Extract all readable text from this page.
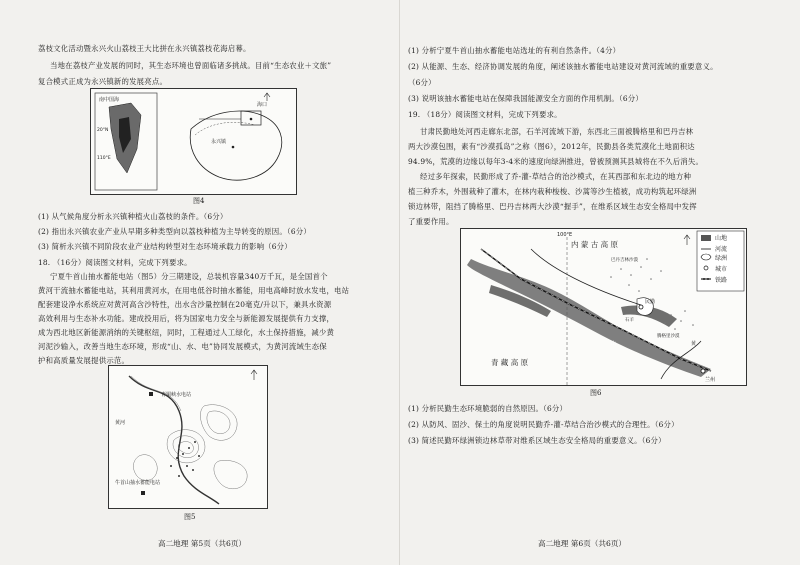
荔枝文化活动暨永兴火山荔枝王大比拼在永兴镇荔枝花海启幕。
当地在荔枝产业发展的同时，其生态环境也曾面临诸多挑战。目前“生态农业＋文旅”
复合模式正成为永兴镇新的发展亮点。
南中国海
20°N
110°E
海口
永兴镇
图4
(1) 从气候角度分析永兴镇种植火山荔枝的条件。（6分）
(2) 指出永兴镇农业产业从早期多种类型向以荔枝种植为主导转变的原因。（6分）
(3) 简析永兴镇不同阶段农业产业结构转型对生态环境承载力的影响（6分）
18. （16分）阅读图文材料，完成下列要求。
宁夏牛首山抽水蓄能电站（图5）分三期建设，总装机容量340万千瓦，是全国首个
黄河干流抽水蓄能电站，其利用黄河水，在用电低谷时抽水蓄能，用电高峰时放水发电，电站
配套建设净水系统应对黄河高含沙特性，出水含沙量控制在20毫克/升以下，兼具水资源
高效利用与生态补水功能。建成投用后，将为国家电力安全与新能源发展提供有力支撑，
成为西北地区新能源消纳的关键枢纽，同时，工程通过人工绿化，水土保持措施，减少黄
河泥沙输入，改善当地生态环境，形成“山、水、电”协同发展模式，为黄河流域生态保
护和高质量发展提供示范。
青铜峡水电站
黄河
牛首山抽水蓄能电站
图5
高二地理 第5页（共6页）
(1) 分析宁夏牛首山抽水蓄能电站选址的有利自然条件。（4分）
(2) 从能源、生态、经济协调发展的角度，阐述该抽水蓄能电站建设对黄河流域的重要意义。
（6分）
(3) 说明该抽水蓄能电站在保障我国能源安全方面的作用机制。（6分）
19. （18分）阅读图文材料，完成下列要求。
甘肃民勤地处河西走廊东北部，石羊河流域下游，东西北三面被腾格里和巴丹吉林
两大沙漠包围，素有“沙漠孤岛”之称（图6），2012年，民勤县各类荒漠化土地面积达
94.9%，荒漠的边缘以每年3-4米的速度向绿洲推进，曾被预测其县城将在不久后消失。
经过多年探索，民勤形成了乔-灌-草结合的治沙模式，在其西部和东北边的地方种
植三种乔木，外围栽种了灌木，在林内栽种梭梭、沙蒿等沙生植被，成功构筑起环绿洲
锁边林带，阻挡了腾格里、巴丹吉林两大沙漠“握手”，在维系区域生态安全格局中发挥
了重要作用。
100°E
内 蒙 古 高 原
青 藏 高 原
巴丹吉林沙漠
腾格里沙漠
民勤
兰州
山	黄
石羊
山地
河流
绿洲
城市
铁路
图6
(1) 分析民勤生态环境脆弱的自然原因。（6分）
(2) 从防风、固沙、保土的角度说明民勤乔-灌-草结合治沙模式的合理性。（6分）
(3) 简述民勤环绿洲锁边林草带对维系区域生态安全格局的重要意义。（6分）
高二地理 第6页（共6页）
